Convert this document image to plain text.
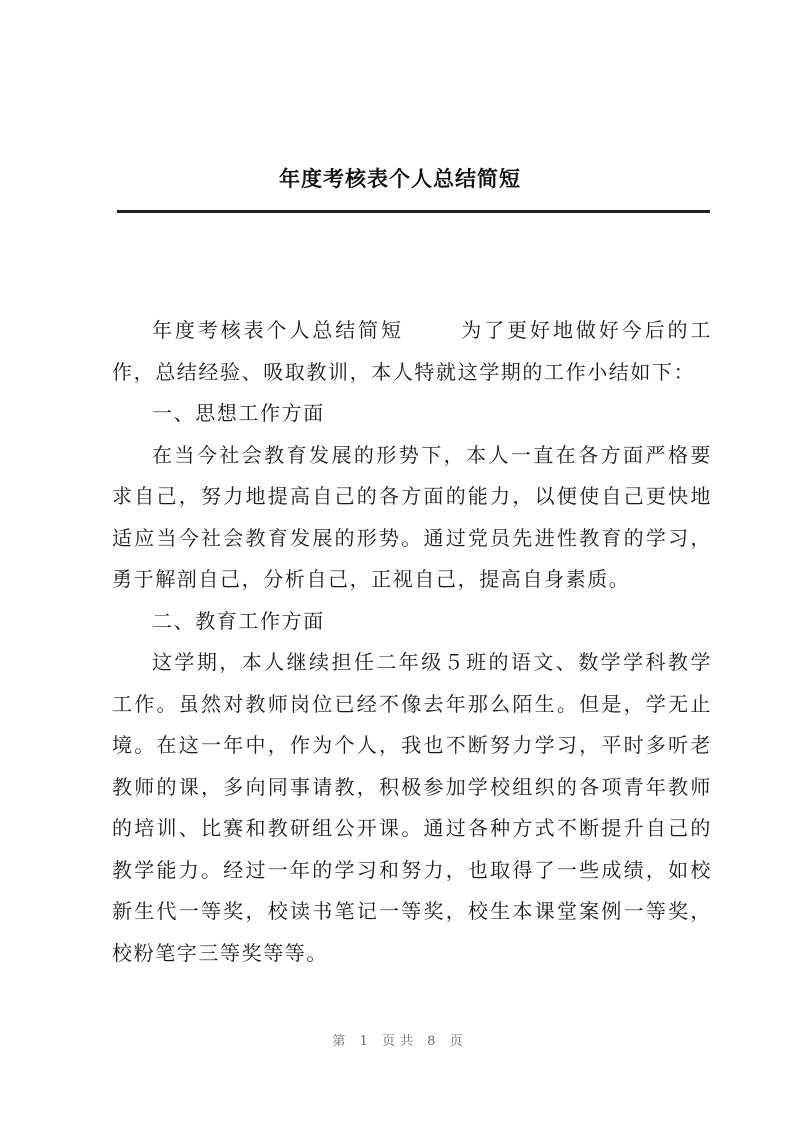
年度考核表个人总结简短

年度考核表个人总结简短	为了更好地做好今后的工作，总结经验、吸取教训，本人特就这学期的工作小结如下：

一、思想工作方面

在当今社会教育发展的形势下，本人一直在各方面严格要求自己，努力地提高自己的各方面的能力，以便使自己更快地适应当今社会教育发展的形势。通过党员先进性教育的学习，勇于解剖自己，分析自己，正视自己，提高自身素质。

二、教育工作方面

这学期，本人继续担任二年级５班的语文、数学学科教学工作。虽然对教师岗位已经不像去年那么陌生。但是，学无止境。在这一年中，作为个人，我也不断努力学习，平时多听老教师的课，多向同事请教，积极参加学校组织的各项青年教师的培训、比赛和教研组公开课。通过各种方式不断提升自己的教学能力。经过一年的学习和努力，也取得了一些成绩，如校新生代一等奖，校读书笔记一等奖，校生本课堂案例一等奖，校粉笔字三等奖等等。

第 1 页共 8 页
